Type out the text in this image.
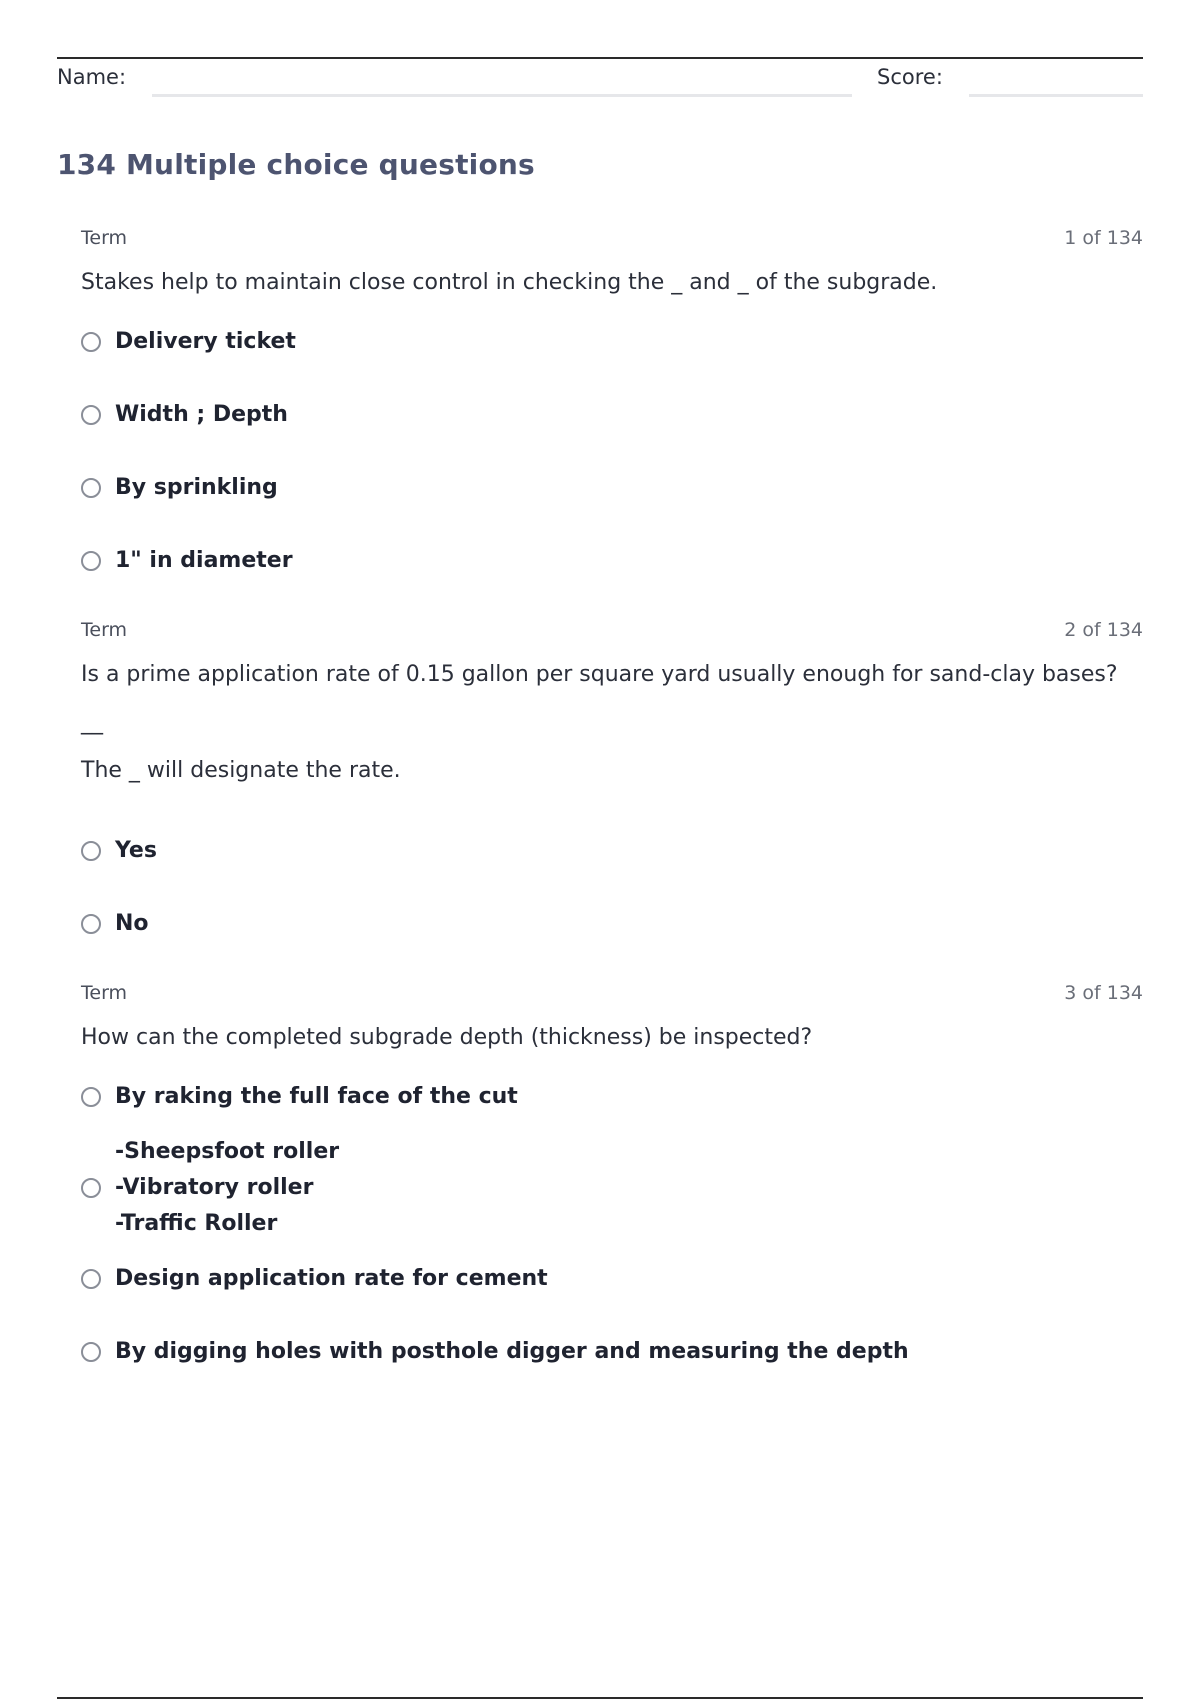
Name:	Score:
134 Multiple choice questions
Term	1 of 134

Stakes help to maintain close control in checking the _ and _ of the subgrade.

Delivery ticket
Width ; Depth
By sprinkling
1" in diameter
Term	2 of 134

Is a prime application rate of 0.15 gallon per square yard usually enough for sand-clay bases?

__

The _ will designate the rate.

Yes
No
Term	3 of 134

How can the completed subgrade depth (thickness) be inspected?

By raking the full face of the cut
-Sheepsfoot roller
-Vibratory roller
-Traffic Roller
Design application rate for cement
By digging holes with posthole digger and measuring the depth
